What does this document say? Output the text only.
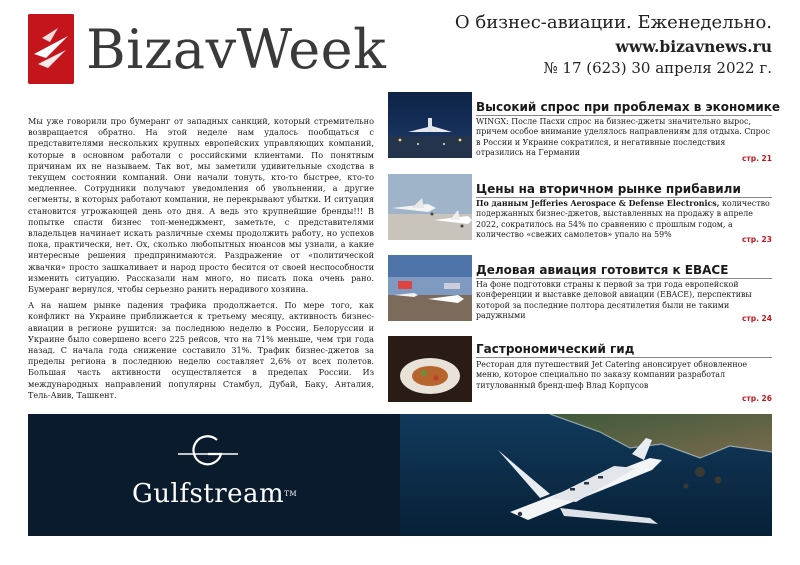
BizavWeek	О бизнес-авиации. Еженедельно.
www.bizavnews.ru
№ 17 (623) 30 апреля 2022 г.

Мы уже говорили про бумеранг от западных санкций, который стремительно возвращается обратно. На этой неделе нам удалось пообщаться с представителями нескольких крупных европейских управляющих компаний, которые в основном работали с российскими клиентами. По понятным причинам их не называем. Так вот, мы заметили удивительные сходства в текущем состоянии компаний. Они начали тонуть, кто-то быстрее, кто-то медленнее. Сотрудники получают уведомления об увольнении, а другие сегменты, в которых работают компании, не перекрывают убытки. И ситуация становится угрожающей день ото дня. А ведь это крупнейшие бренды!!! В попытке спасти бизнес топ-менеджмент, заметьте, с представителями владельцев начинает искать различные схемы продолжить работу, но успехов пока, практически, нет. Ох, сколько любопытных нюансов мы узнали, а какие интересные решения предпринимаются. Раздражение от «политической жвачки» просто зашкаливает и народ просто бесится от своей неспособности изменить ситуацию. Рассказали нам много, но писать пока очень рано. Бумеранг вернулся, чтобы серьезно ранить нерадивого хозяина.

А на нашем рынке падения трафика продолжается. По мере того, как конфликт на Украине приближается к третьему месяцу, активность бизнес-авиации в регионе рушится: за последнюю неделю в России, Белоруссии и Украине было совершено всего 225 рейсов, что на 71% меньше, чем три года назад. С начала года снижение составило 31%. Трафик бизнес-джетов за пределы региона в последнюю неделю составляет 2,6% от всех полетов. Большая часть активности осуществляется в пределах России. Из международных направлений популярны Стамбул, Дубай, Баку, Анталия, Тель-Авив, Ташкент.

Высокий спрос при проблемах в экономике
WINGX: После Пасхи спрос на бизнес-джеты значительно вырос, причем особое внимание уделялось направлениям для отдыха. Спрос в России и Украине сократился, и негативные последствия отразились на Германии
стр. 21
Цены на вторичном рынке прибавили
По данным Jefferies Aerospace & Defense Electronics, количество подержанных бизнес-джетов, выставленных на продажу в апреле 2022, сократилось на 54% по сравнению с прошлым годом, а количество «свежих самолетов» упало на 59%
стр. 23
Деловая авиация готовится к EBACE
На фоне подготовки страны к первой за три года европейской конференции и выставке деловой авиации (EBACE), перспективы которой за последние полтора десятилетия были не такими радужными	стр. 24
Гастрономический гид
Ресторан для путешествий Jet Catering анонсирует обновленное меню, которое специально по заказу компании разработал титулованный бренд-шеф Влад Корпусов
стр. 26
Gulfstream™
